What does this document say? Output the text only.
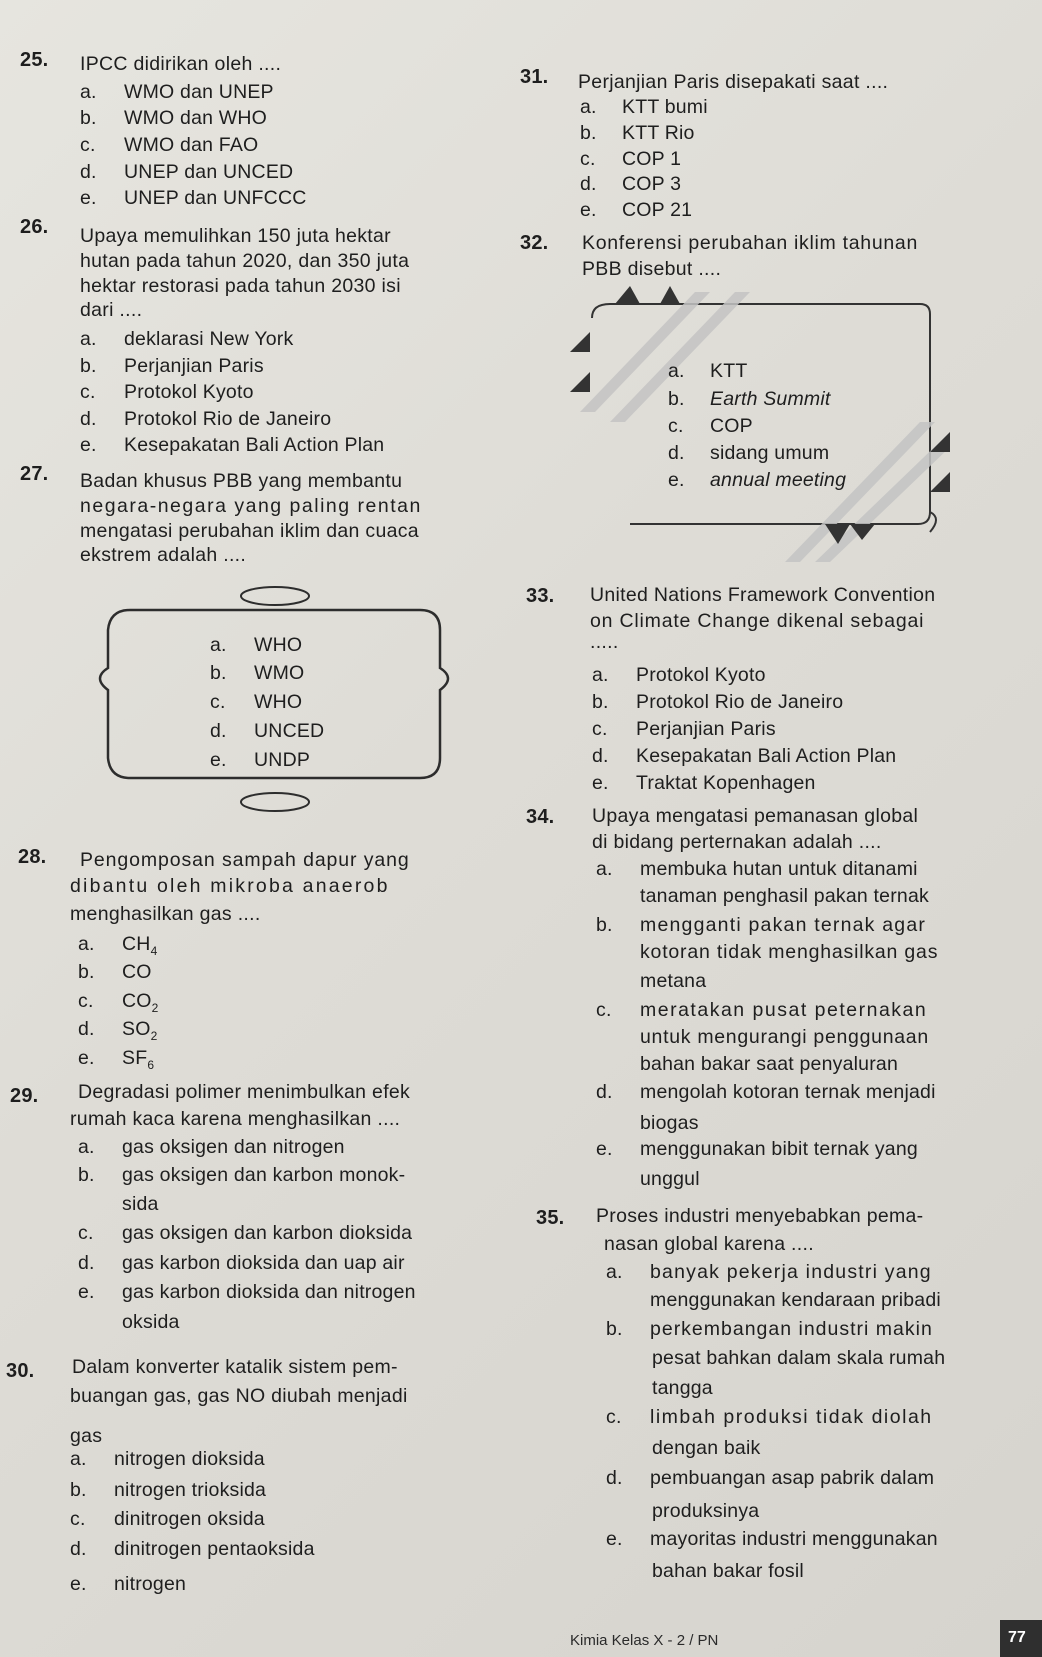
25. IPCC didirikan oleh ....
a. WMO dan UNEP
b. WMO dan WHO
c. WMO dan FAO
d. UNEP dan UNCED
e. UNEP dan UNFCCC
26. Upaya memulihkan 150 juta hektar
hutan pada tahun 2020, dan 350 juta
hektar restorasi pada tahun 2030 isi
dari ....
a. deklarasi New York
b. Perjanjian Paris
c. Protokol Kyoto
d. Protokol Rio de Janeiro
e. Kesepakatan Bali Action Plan
27. Badan khusus PBB yang membantu
negara-negara yang paling rentan
mengatasi perubahan iklim dan cuaca
ekstrem adalah ....
a. WHO
b. WMO
c. WHO
d. UNCED
e. UNDP
28. Pengomposan sampah dapur yang
dibantu oleh mikroba anaerob
menghasilkan gas ....
a. $CH_4$
b. CO
c. $CO_2$
d. $SO_2$
e. $SF_6$
29. Degradasi polimer menimbulkan efek
rumah kaca karena menghasilkan ....
a. gas oksigen dan nitrogen
b. gas oksigen dan karbon monok-
sida
c. gas oksigen dan karbon dioksida
d. gas karbon dioksida dan uap air
e. gas karbon dioksida dan nitrogen
oksida
30. Dalam konverter katalik sistem pem-
buangan gas, gas NO diubah menjadi
gas
a. nitrogen dioksida
b. nitrogen trioksida
c. dinitrogen oksida
d. dinitrogen pentaoksida
e. nitrogen
31. Perjanjian Paris disepakati saat ....
a. KTT bumi
b. KTT Rio
c. COP 1
d. COP 3
e. COP 21
32. Konferensi perubahan iklim tahunan
PBB disebut ....
a. KTT
b. Earth Summit
c. COP
d. sidang umum
e. annual meeting
33. United Nations Framework Convention
on Climate Change dikenal sebagai
.....
a. Protokol Kyoto
b. Protokol Rio de Janeiro
c. Perjanjian Paris
d. Kesepakatan Bali Action Plan
e. Traktat Kopenhagen
34. Upaya mengatasi pemanasan global
di bidang perternakan adalah ....
a. membuka hutan untuk ditanami
tanaman penghasil pakan ternak
b. mengganti pakan ternak agar
kotoran tidak menghasilkan gas
metana
c. meratakan pusat peternakan
untuk mengurangi penggunaan
bahan bakar saat penyaluran
d. mengolah kotoran ternak menjadi
biogas
e. menggunakan bibit ternak yang
unggul
35. Proses industri menyebabkan pema-
nasan global karena ....
a. banyak pekerja industri yang
menggunakan kendaraan pribadi
b. perkembangan industri makin
pesat bahkan dalam skala rumah
tangga
c. limbah produksi tidak diolah
dengan baik
d. pembuangan asap pabrik dalam
produksinya
e. mayoritas industri menggunakan
bahan bakar fosil
Kimia Kelas X - 2 / PN	77
